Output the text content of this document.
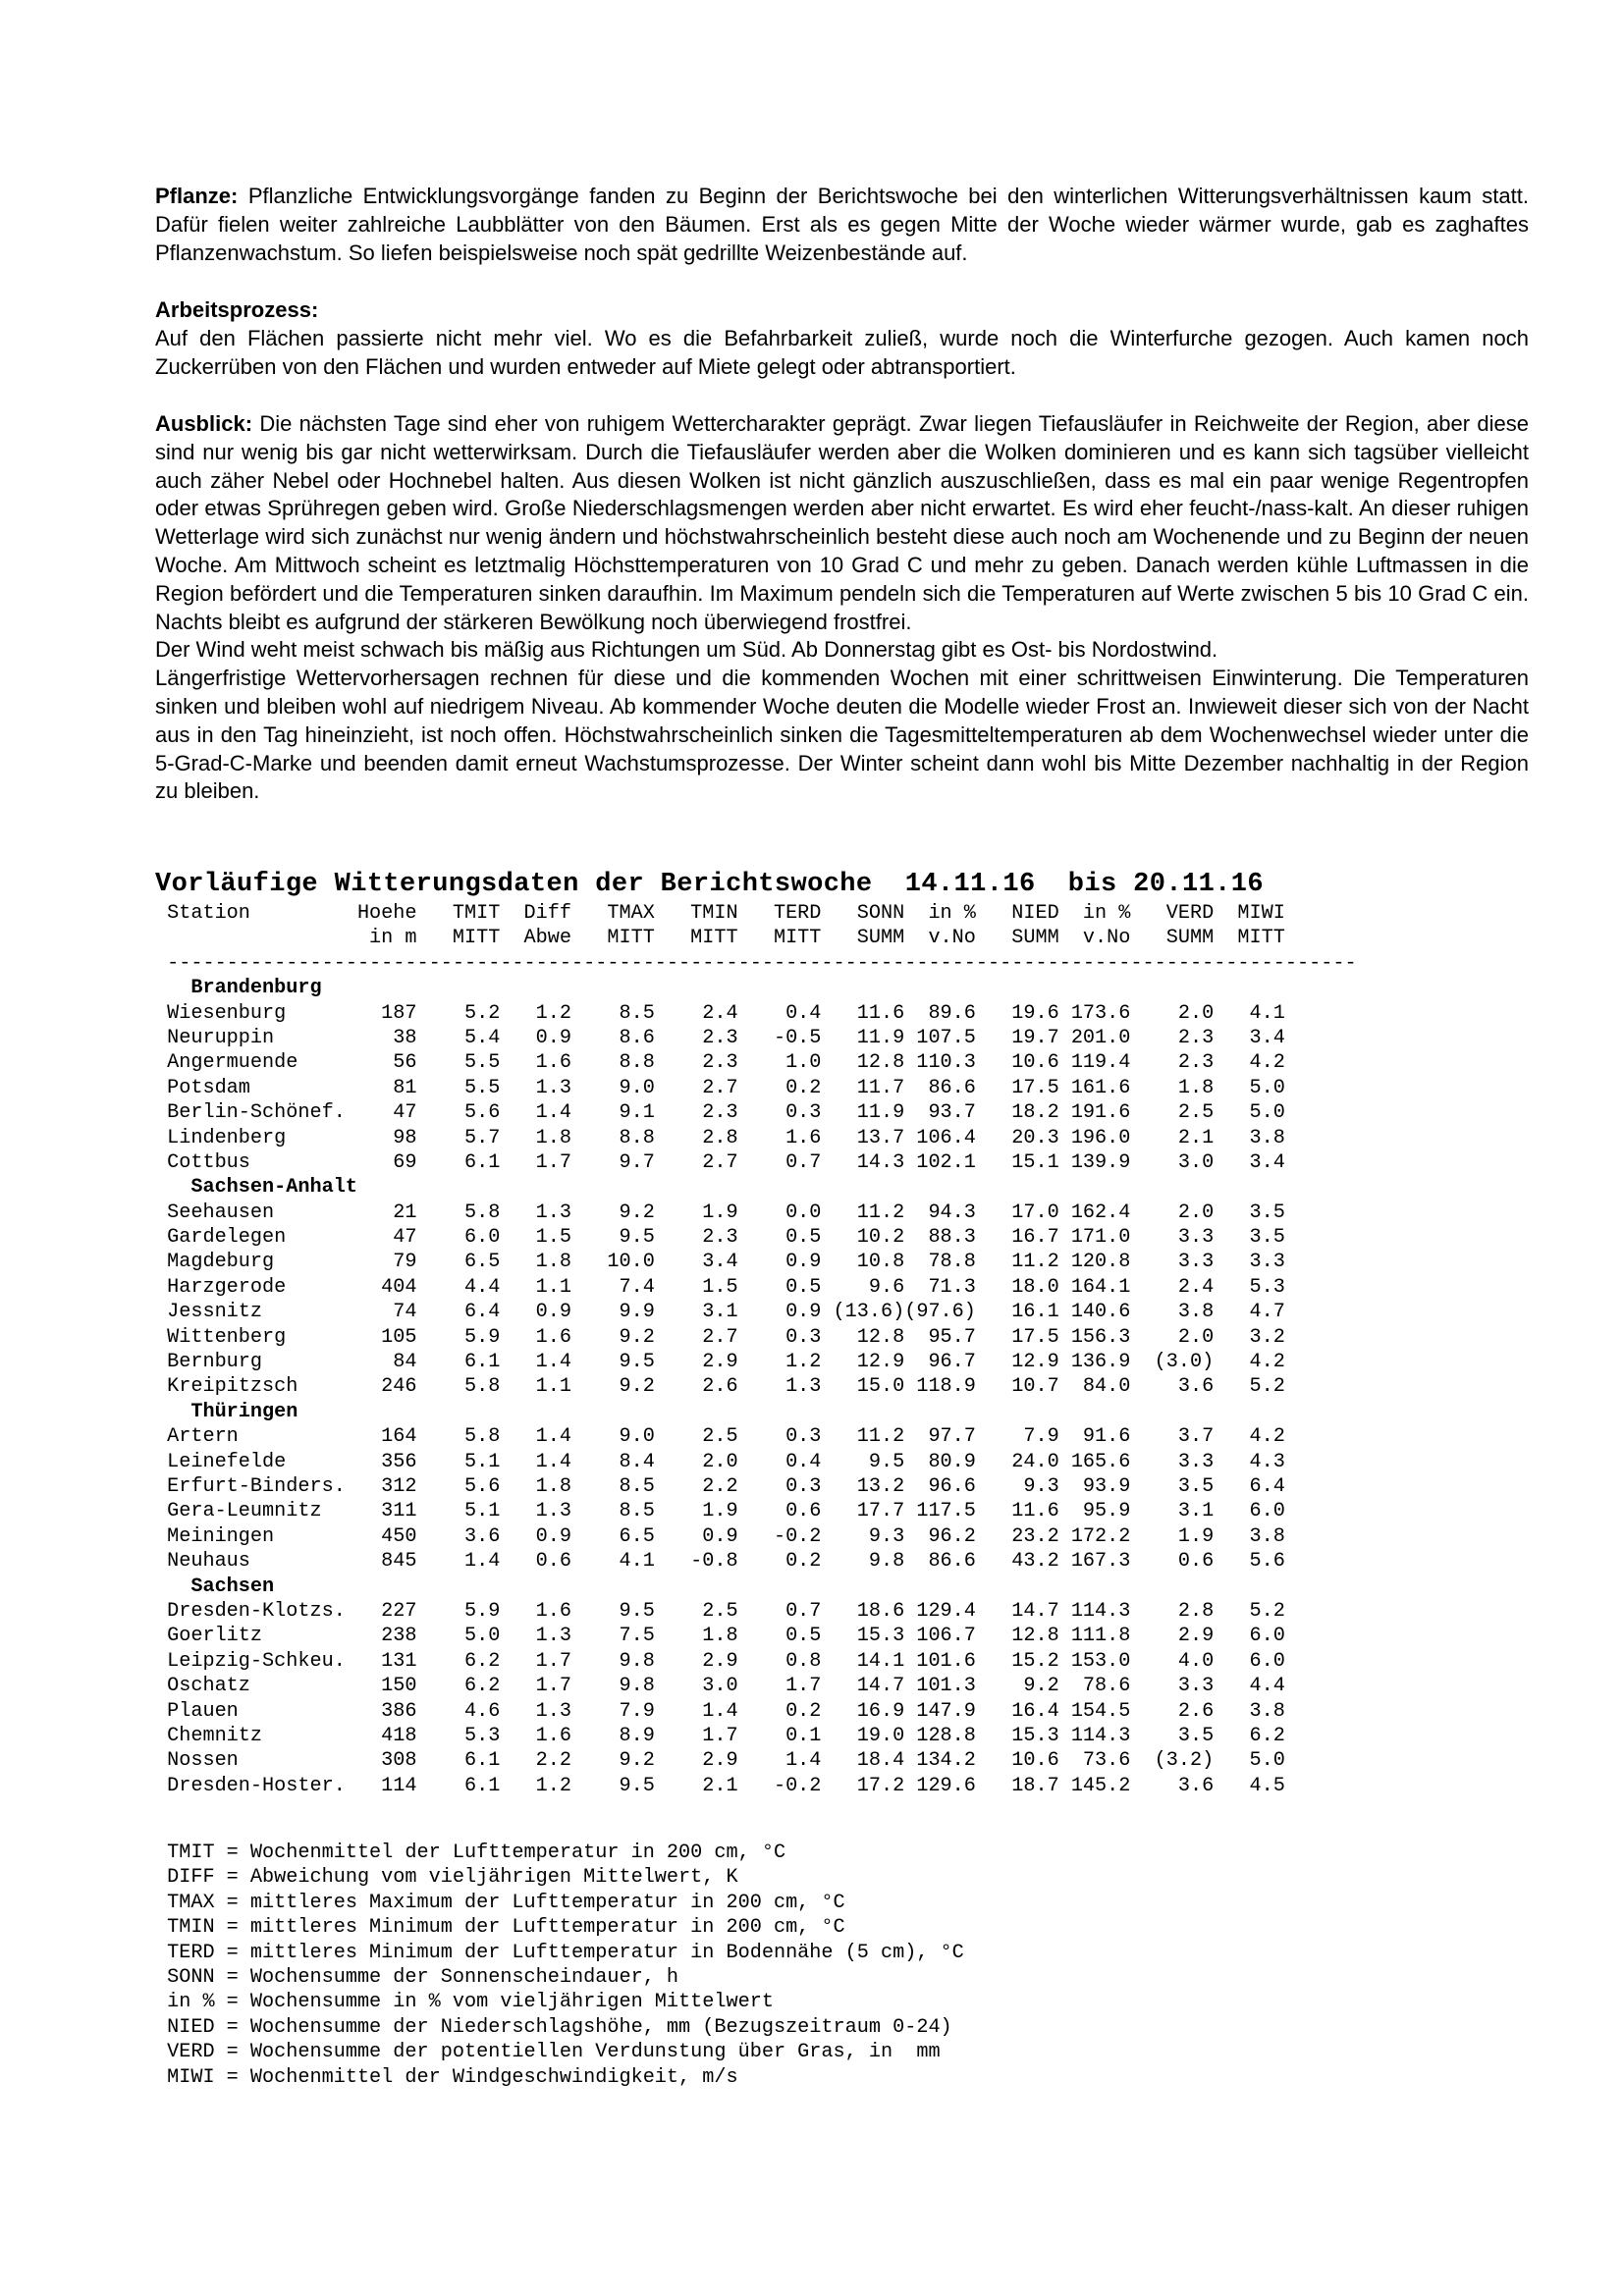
Pflanze: Pflanzliche Entwicklungsvorgänge fanden zu Beginn der Berichtswoche bei den winterlichen Witterungsverhältnissen kaum statt. Dafür fielen weiter zahlreiche Laubblätter von den Bäumen. Erst als es gegen Mitte der Woche wieder wärmer wurde, gab es zaghaftes Pflanzenwachstum. So liefen beispielsweise noch spät gedrillte Weizenbestände auf.

Arbeitsprozess:

Auf den Flächen passierte nicht mehr viel. Wo es die Befahrbarkeit zuließ, wurde noch die Winterfurche gezogen. Auch kamen noch Zuckerrüben von den Flächen und wurden entweder auf Miete gelegt oder abtransportiert.

Ausblick: Die nächsten Tage sind eher von ruhigem Wettercharakter geprägt. Zwar liegen Tiefausläufer in Reichweite der Region, aber diese sind nur wenig bis gar nicht wetterwirksam. Durch die Tiefausläufer werden aber die Wolken dominieren und es kann sich tagsüber vielleicht auch zäher Nebel oder Hochnebel halten. Aus diesen Wolken ist nicht gänzlich auszuschließen, dass es mal ein paar wenige Regentropfen oder etwas Sprühregen geben wird. Große Niederschlagsmengen werden aber nicht erwartet. Es wird eher feucht-/nass-kalt. An dieser ruhigen Wetterlage wird sich zunächst nur wenig ändern und höchstwahrscheinlich besteht diese auch noch am Wochenende und zu Beginn der neuen Woche. Am Mittwoch scheint es letztmalig Höchsttemperaturen von 10 Grad C und mehr zu geben. Danach werden kühle Luftmassen in die Region befördert und die Temperaturen sinken daraufhin. Im Maximum pendeln sich die Temperaturen auf Werte zwischen 5 bis 10 Grad C ein. Nachts bleibt es aufgrund der stärkeren Bewölkung noch überwiegend frostfrei.

Der Wind weht meist schwach bis mäßig aus Richtungen um Süd. Ab Donnerstag gibt es Ost- bis Nordostwind.

Längerfristige Wettervorhersagen rechnen für diese und die kommenden Wochen mit einer schrittweisen Einwinterung. Die Temperaturen sinken und bleiben wohl auf niedrigem Niveau. Ab kommender Woche deuten die Modelle wieder Frost an. Inwieweit dieser sich von der Nacht aus in den Tag hineinzieht, ist noch offen. Höchstwahrscheinlich sinken die Tagesmitteltemperaturen ab dem Wochenwechsel wieder unter die 5-Grad-C-Marke und beenden damit erneut Wachstumsprozesse. Der Winter scheint dann wohl bis Mitte Dezember nachhaltig in der Region zu bleiben.

Vorläufige Witterungsdaten der Berichtswoche  14.11.16  bis 20.11.16
Station         Hoehe   TMIT  Diff   TMAX   TMIN   TERD   SONN  in %   NIED  in %   VERD  MIWI
in m   MITT  Abwe   MITT   MITT   MITT   SUMM  v.No   SUMM  v.No   SUMM  MITT
----------------------------------------------------------------------------------------------------
Brandenburg
Wiesenburg        187    5.2   1.2    8.5    2.4    0.4   11.6  89.6   19.6 173.6    2.0   4.1
Neuruppin          38    5.4   0.9    8.6    2.3   -0.5   11.9 107.5   19.7 201.0    2.3   3.4
Angermuende        56    5.5   1.6    8.8    2.3    1.0   12.8 110.3   10.6 119.4    2.3   4.2
Potsdam            81    5.5   1.3    9.0    2.7    0.2   11.7  86.6   17.5 161.6    1.8   5.0
Berlin-Schönef.    47    5.6   1.4    9.1    2.3    0.3   11.9  93.7   18.2 191.6    2.5   5.0
Lindenberg         98    5.7   1.8    8.8    2.8    1.6   13.7 106.4   20.3 196.0    2.1   3.8
Cottbus            69    6.1   1.7    9.7    2.7    0.7   14.3 102.1   15.1 139.9    3.0   3.4
Sachsen-Anhalt
Seehausen          21    5.8   1.3    9.2    1.9    0.0   11.2  94.3   17.0 162.4    2.0   3.5
Gardelegen         47    6.0   1.5    9.5    2.3    0.5   10.2  88.3   16.7 171.0    3.3   3.5
Magdeburg          79    6.5   1.8   10.0    3.4    0.9   10.8  78.8   11.2 120.8    3.3   3.3
Harzgerode        404    4.4   1.1    7.4    1.5    0.5    9.6  71.3   18.0 164.1    2.4   5.3
Jessnitz           74    6.4   0.9    9.9    3.1    0.9 (13.6)(97.6)   16.1 140.6    3.8   4.7
Wittenberg        105    5.9   1.6    9.2    2.7    0.3   12.8  95.7   17.5 156.3    2.0   3.2
Bernburg           84    6.1   1.4    9.5    2.9    1.2   12.9  96.7   12.9 136.9  (3.0)   4.2
Kreipitzsch       246    5.8   1.1    9.2    2.6    1.3   15.0 118.9   10.7  84.0    3.6   5.2
Thüringen
Artern            164    5.8   1.4    9.0    2.5    0.3   11.2  97.7    7.9  91.6    3.7   4.2
Leinefelde        356    5.1   1.4    8.4    2.0    0.4    9.5  80.9   24.0 165.6    3.3   4.3
Erfurt-Binders.   312    5.6   1.8    8.5    2.2    0.3   13.2  96.6    9.3  93.9    3.5   6.4
Gera-Leumnitz     311    5.1   1.3    8.5    1.9    0.6   17.7 117.5   11.6  95.9    3.1   6.0
Meiningen         450    3.6   0.9    6.5    0.9   -0.2    9.3  96.2   23.2 172.2    1.9   3.8
Neuhaus           845    1.4   0.6    4.1   -0.8    0.2    9.8  86.6   43.2 167.3    0.6   5.6
Sachsen
Dresden-Klotzs.   227    5.9   1.6    9.5    2.5    0.7   18.6 129.4   14.7 114.3    2.8   5.2
Goerlitz          238    5.0   1.3    7.5    1.8    0.5   15.3 106.7   12.8 111.8    2.9   6.0
Leipzig-Schkeu.   131    6.2   1.7    9.8    2.9    0.8   14.1 101.6   15.2 153.0    4.0   6.0
Oschatz           150    6.2   1.7    9.8    3.0    1.7   14.7 101.3    9.2  78.6    3.3   4.4
Plauen            386    4.6   1.3    7.9    1.4    0.2   16.9 147.9   16.4 154.5    2.6   3.8
Chemnitz          418    5.3   1.6    8.9    1.7    0.1   19.0 128.8   15.3 114.3    3.5   6.2
Nossen            308    6.1   2.2    9.2    2.9    1.4   18.4 134.2   10.6  73.6  (3.2)   5.0
Dresden-Hoster.   114    6.1   1.2    9.5    2.1   -0.2   17.2 129.6   18.7 145.2    3.6   4.5
TMIT = Wochenmittel der Lufttemperatur in 200 cm, °C
DIFF = Abweichung vom vieljährigen Mittelwert, K
TMAX = mittleres Maximum der Lufttemperatur in 200 cm, °C
TMIN = mittleres Minimum der Lufttemperatur in 200 cm, °C
TERD = mittleres Minimum der Lufttemperatur in Bodennähe (5 cm), °C
SONN = Wochensumme der Sonnenscheindauer, h
in % = Wochensumme in % vom vieljährigen Mittelwert
NIED = Wochensumme der Niederschlagshöhe, mm (Bezugszeitraum 0-24)
VERD = Wochensumme der potentiellen Verdunstung über Gras, in  mm
MIWI = Wochenmittel der Windgeschwindigkeit, m/s
